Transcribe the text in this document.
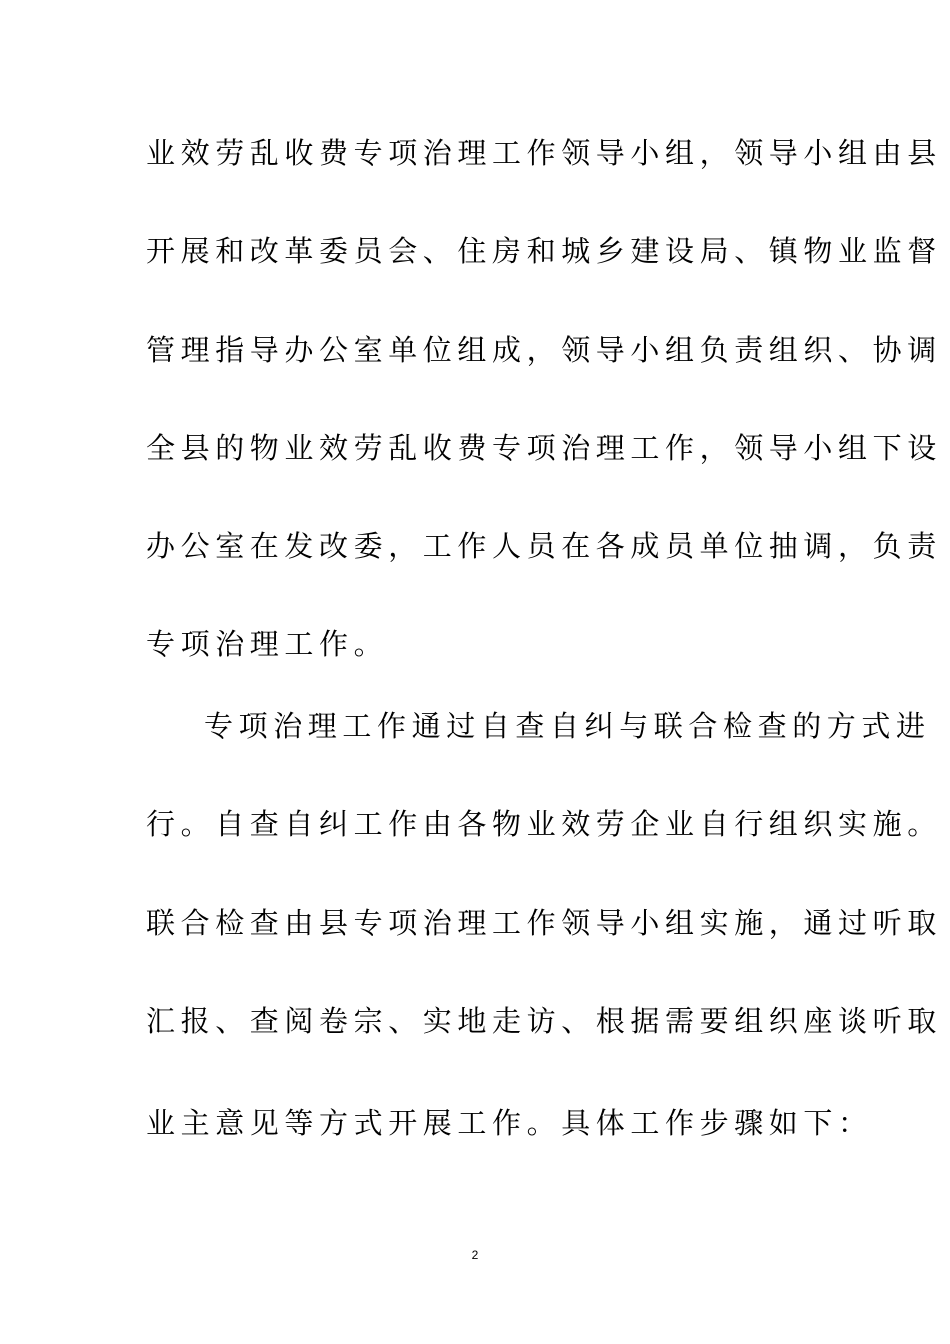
业效劳乱收费专项治理工作领导小组，领导小组由县
开展和改革委员会、住房和城乡建设局、镇物业监督
管理指导办公室单位组成，领导小组负责组织、协调
全县的物业效劳乱收费专项治理工作，领导小组下设
办公室在发改委，工作人员在各成员单位抽调，负责
专项治理工作。
专项治理工作通过自查自纠与联合检查的方式进
行。自查自纠工作由各物业效劳企业自行组织实施。
联合检查由县专项治理工作领导小组实施，通过听取
汇报、查阅卷宗、实地走访、根据需要组织座谈听取
业主意见等方式开展工作。具体工作步骤如下：
2
